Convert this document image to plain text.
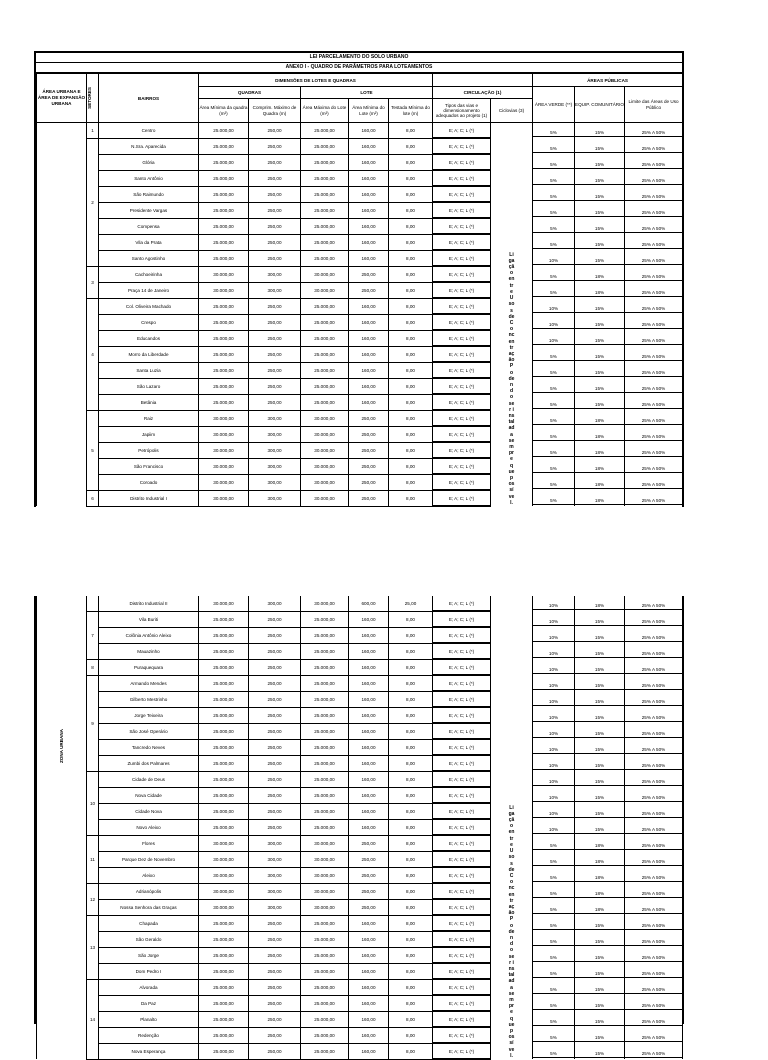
LEI PARCELAMENTO DO SOLO URBANO
ANEXO I - QUADRO DE PARÂMETROS PARA LOTEAMENTOS
ÁREA URBANA E ÁREA DE EXPANSÃO URBANA	SETORES	BAIRROS	DIMENSÕES DE LOTES E QUADRAS							ÁREAS PÚBLICAS		
			QUADRAS		LOTE			CIRCULAÇÃO (1)		ÁREA VERDE (**)	EQUIP. COMUNITÁRIO	Limite das Áreas de Uso Público
			Área Mínima da quadra (m²)	Comprim. Máximo de Quadra (m)	Área Máxima do Lote (m²)	Área Mínima do Lote (m²)	Testada Mínima do lote (m)	Tipos das vias e dimensionamento adequados ao projeto (1)	Ciclovias (3)			
	1	Centro	25.000,00	250,00	25.000,00	160,00	8,00	E; A; C; L (*)	Ligação entre Usos de Concentração Podendo ser instalada sempre que possível.	5%	15%	25% A 50%

	2	N.Sra. Aparecida	25.000,00	250,00	25.000,00	160,00	8,00	E; A; C; L (*)		5%	15%	25% A 50%

		Glória	25.000,00	250,00	25.000,00	160,00	8,00	E; A; C; L (*)		5%	15%	25% A 50%

		Santo Antônio	25.000,00	250,00	25.000,00	160,00	8,00	E; A; C; L (*)		5%	15%	25% A 50%

		São Raimundo	25.000,00	250,00	25.000,00	160,00	8,00	E; A; C; L (*)		5%	15%	25% A 50%

		Presidente Vargas	25.000,00	250,00	25.000,00	160,00	8,00	E; A; C; L (*)		5%	15%	25% A 50%

		Compensa	25.000,00	250,00	25.000,00	160,00	8,00	E; A; C; L (*)		5%	15%	25% A 50%

		Vila da Prata	25.000,00	250,00	25.000,00	160,00	8,00	E; A; C; L (*)		5%	15%	25% A 50%

		Santo Agostinho	25.000,00	250,00	25.000,00	160,00	8,00	E; A; C; L (*)		10%	15%	25% A 50%

	3	Cachoeirinha	30.000,00	300,00	30.000,00	250,00	8,00	E; A; C; L (*)		5%	18%	25% A 50%

		Praça 14 de Janeiro	30.000,00	300,00	30.000,00	250,00	8,00	E; A; C; L (*)		5%	18%	25% A 50%

	4	Col. Oliveira Machado	25.000,00	250,00	25.000,00	160,00	8,00	E; A; C; L (*)		10%	15%	25% A 50%

		Crespo	25.000,00	250,00	25.000,00	160,00	8,00	E; A; C; L (*)		10%	15%	25% A 50%

		Educandos	25.000,00	250,00	25.000,00	160,00	8,00	E; A; C; L (*)		10%	15%	25% A 50%

		Morro da Liberdade	25.000,00	250,00	25.000,00	160,00	8,00	E; A; C; L (*)		5%	15%	25% A 50%

		Santa Luzia	25.000,00	250,00	25.000,00	160,00	8,00	E; A; C; L (*)		5%	15%	25% A 50%

		São Lazaro	25.000,00	250,00	25.000,00	160,00	8,00	E; A; C; L (*)		5%	15%	25% A 50%

		Betânia	25.000,00	250,00	25.000,00	160,00	8,00	E; A; C; L (*)		5%	15%	25% A 50%

	5	Raiz	30.000,00	300,00	30.000,00	250,00	8,00	E; A; C; L (*)		5%	18%	25% A 50%

		Japiim	30.000,00	300,00	30.000,00	250,00	8,00	E; A; C; L (*)		5%	18%	25% A 50%

		Petrópolis	30.000,00	300,00	30.000,00	250,00	8,00	E; A; C; L (*)		5%	18%	25% A 50%

		São Francisco	30.000,00	300,00	30.000,00	250,00	8,00	E; A; C; L (*)		5%	18%	25% A 50%

		Coroado	30.000,00	300,00	30.000,00	250,00	8,00	E; A; C; L (*)		5%	18%	25% A 50%

	6	Distrito Industrial I	30.000,00	300,00	30.000,00	250,00	8,00	E; A; C; L (*)		5%	18%	25% A 50%
		Distrito Industrial II	30.000,00	300,00	30.000,00	600,00	25,00	E; A; C; L (*)	Ligação entre Usos de Concentração Podendo ser instalada sempre que possível.	10%	18%	25% A 50%

	7	Vila Buriti	25.000,00	250,00	25.000,00	160,00	8,00	E; A; C; L (*)		10%	15%	25% A 50%

		Colônia Antônio Aleixo	25.000,00	250,00	25.000,00	160,00	8,00	E; A; C; L (*)		10%	15%	25% A 50%

		Mauazinho	25.000,00	250,00	25.000,00	160,00	8,00	E; A; C; L (*)		10%	15%	25% A 50%

	8	Puraquequara	25.000,00	250,00	25.000,00	160,00	8,00	E; A; C; L (*)		10%	15%	25% A 50%

	9	Armando Mendes	25.000,00	250,00	25.000,00	160,00	8,00	E; A; C; L (*)		10%	15%	25% A 50%

		Gilberto Mestrinho	25.000,00	250,00	25.000,00	160,00	8,00	E; A; C; L (*)		10%	15%	25% A 50%

		Jorge Teixeira	25.000,00	250,00	25.000,00	160,00	8,00	E; A; C; L (*)		10%	15%	25% A 50%

		São José Operário	25.000,00	250,00	25.000,00	160,00	8,00	E; A; C; L (*)		10%	15%	25% A 50%

		Tancredo Neves	25.000,00	250,00	25.000,00	160,00	8,00	E; A; C; L (*)		10%	15%	25% A 50%

		Zumbi dos Palmares	25.000,00	250,00	25.000,00	160,00	8,00	E; A; C; L (*)		10%	15%	25% A 50%

	10	Cidade de Deus	25.000,00	250,00	25.000,00	160,00	8,00	E; A; C; L (*)		10%	15%	25% A 50%

		Nova Cidade	25.000,00	250,00	25.000,00	160,00	8,00	E; A; C; L (*)		10%	15%	25% A 50%

		Cidade Nova	25.000,00	250,00	25.000,00	160,00	8,00	E; A; C; L (*)		10%	15%	25% A 50%

		Novo Aleixo	25.000,00	250,00	25.000,00	160,00	8,00	E; A; C; L (*)		10%	15%	25% A 50%

	11	Flores	30.000,00	300,00	30.000,00	250,00	8,00	E; A; C; L (*)		5%	18%	25% A 50%

		Parque Dez de Novembro	30.000,00	300,00	30.000,00	250,00	8,00	E; A; C; L (*)		5%	18%	25% A 50%

		Aleixo	30.000,00	300,00	30.000,00	250,00	8,00	E; A; C; L (*)		5%	18%	25% A 50%

	12	Adrianópolis	30.000,00	300,00	30.000,00	250,00	8,00	E; A; C; L (*)		5%	18%	25% A 50%

		Nossa Senhora das Graças	30.000,00	300,00	30.000,00	250,00	8,00	E; A; C; L (*)		5%	18%	25% A 50%

	13	Chapada	25.000,00	250,00	25.000,00	160,00	8,00	E; A; C; L (*)		5%	15%	25% A 50%

		São Geraldo	25.000,00	250,00	25.000,00	160,00	8,00	E; A; C; L (*)		5%	15%	25% A 50%

		São Jorge	25.000,00	250,00	25.000,00	160,00	8,00	E; A; C; L (*)		5%	15%	25% A 50%

		Dom Pedro I	25.000,00	250,00	25.000,00	160,00	8,00	E; A; C; L (*)		5%	15%	25% A 50%

	14	Alvorada	25.000,00	250,00	25.000,00	160,00	8,00	E; A; C; L (*)		5%	15%	25% A 50%

		Da Paz	25.000,00	250,00	25.000,00	160,00	8,00	E; A; C; L (*)		5%	15%	25% A 50%

		Planalto	25.000,00	250,00	25.000,00	160,00	8,00	E; A; C; L (*)		5%	15%	25% A 50%

		Redenção	25.000,00	250,00	25.000,00	160,00	8,00	E; A; C; L (*)		5%	15%	25% A 50%

		Nova Esperança	25.000,00	250,00	25.000,00	160,00	8,00	E; A; C; L (*)		5%	15%	25% A 50%
ZONA URBANA
